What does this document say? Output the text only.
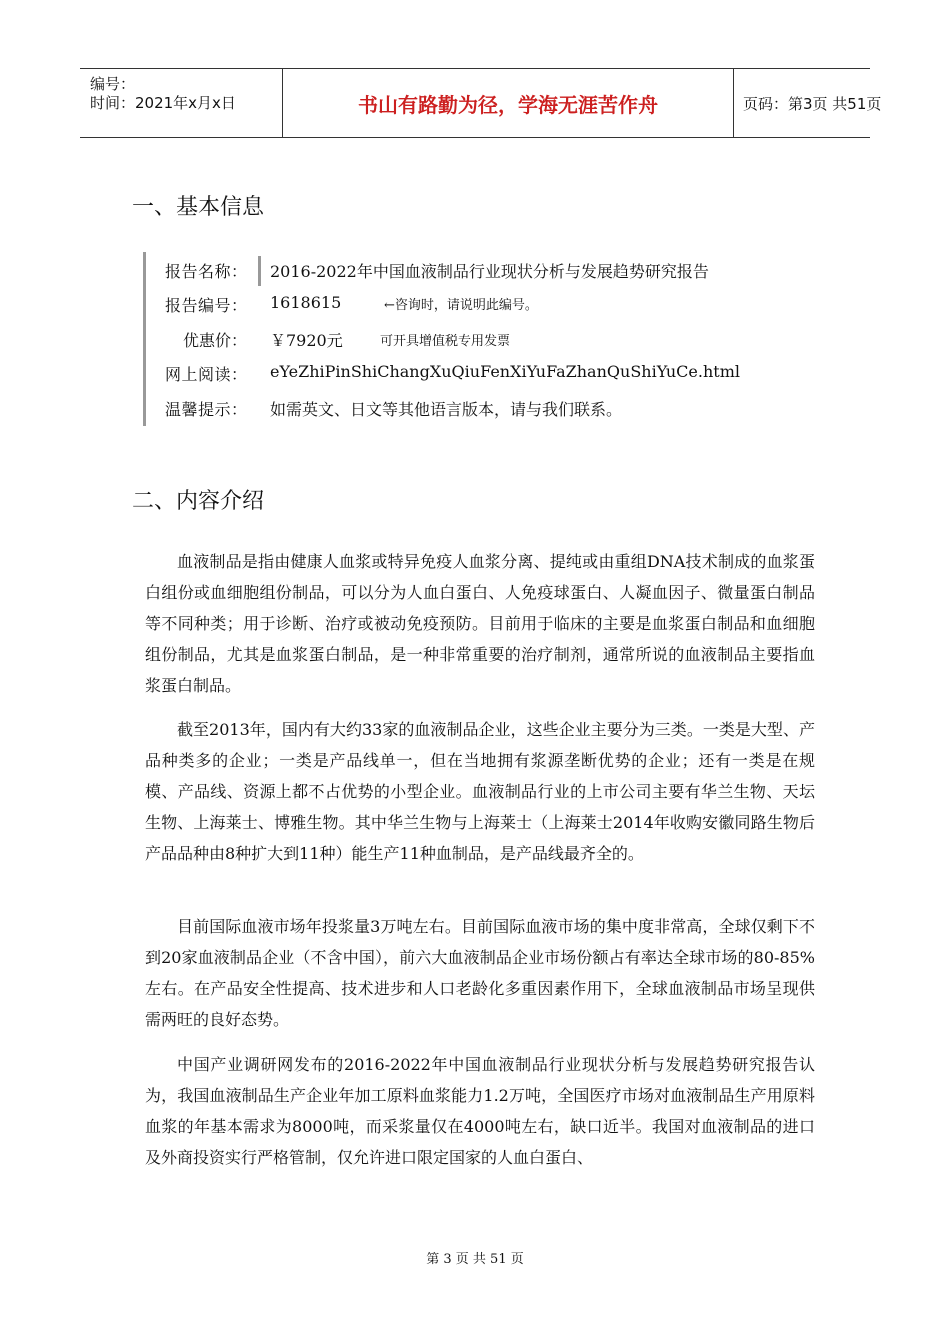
编号：
时间：2021年x月x日	书山有路勤为径，学海无涯苦作舟	页码：第3页 共51页
一、基本信息
报告名称： 2016-2022年中国血液制品行业现状分析与发展趋势研究报告
报告编号： 1618615	←咨询时，请说明此编号。
优惠价： ￥7920元	可开具增值税专用发票
网上阅读： eYeZhiPinShiChangXuQiuFenXiYuFaZhanQuShiYuCe.html
温馨提示： 如需英文、日文等其他语言版本，请与我们联系。
二、内容介绍

血液制品是指由健康人血浆或特异免疫人血浆分离、提纯或由重组DNA技术制成的血浆蛋白组份或血细胞组份制品，可以分为人血白蛋白、人免疫球蛋白、人凝血因子、微量蛋白制品等不同种类；用于诊断、治疗或被动免疫预防。目前用于临床的主要是血浆蛋白制品和血细胞组份制品，尤其是血浆蛋白制品，是一种非常重要的治疗制剂，通常所说的血液制品主要指血浆蛋白制品。

截至2013年，国内有大约33家的血液制品企业，这些企业主要分为三类。一类是大型、产品种类多的企业；一类是产品线单一，但在当地拥有浆源垄断优势的企业；还有一类是在规模、产品线、资源上都不占优势的小型企业。血液制品行业的上市公司主要有华兰生物、天坛生物、上海莱士、博雅生物。其中华兰生物与上海莱士（上海莱士2014年收购安徽同路生物后产品品种由8种扩大到11种）能生产11种血制品，是产品线最齐全的。

目前国际血液市场年投浆量3万吨左右。目前国际血液市场的集中度非常高，全球仅剩下不到20家血液制品企业（不含中国），前六大血液制品企业市场份额占有率达全球市场的80-85%左右。在产品安全性提高、技术进步和人口老龄化多重因素作用下，全球血液制品市场呈现供需两旺的良好态势。

中国产业调研网发布的2016-2022年中国血液制品行业现状分析与发展趋势研究报告认为，我国血液制品生产企业年加工原料血浆能力1.2万吨，全国医疗市场对血液制品生产用原料血浆的年基本需求为8000吨，而采浆量仅在4000吨左右，缺口近半。我国对血液制品的进口及外商投资实行严格管制，仅允许进口限定国家的人血白蛋白、

第 3 页 共 51 页
